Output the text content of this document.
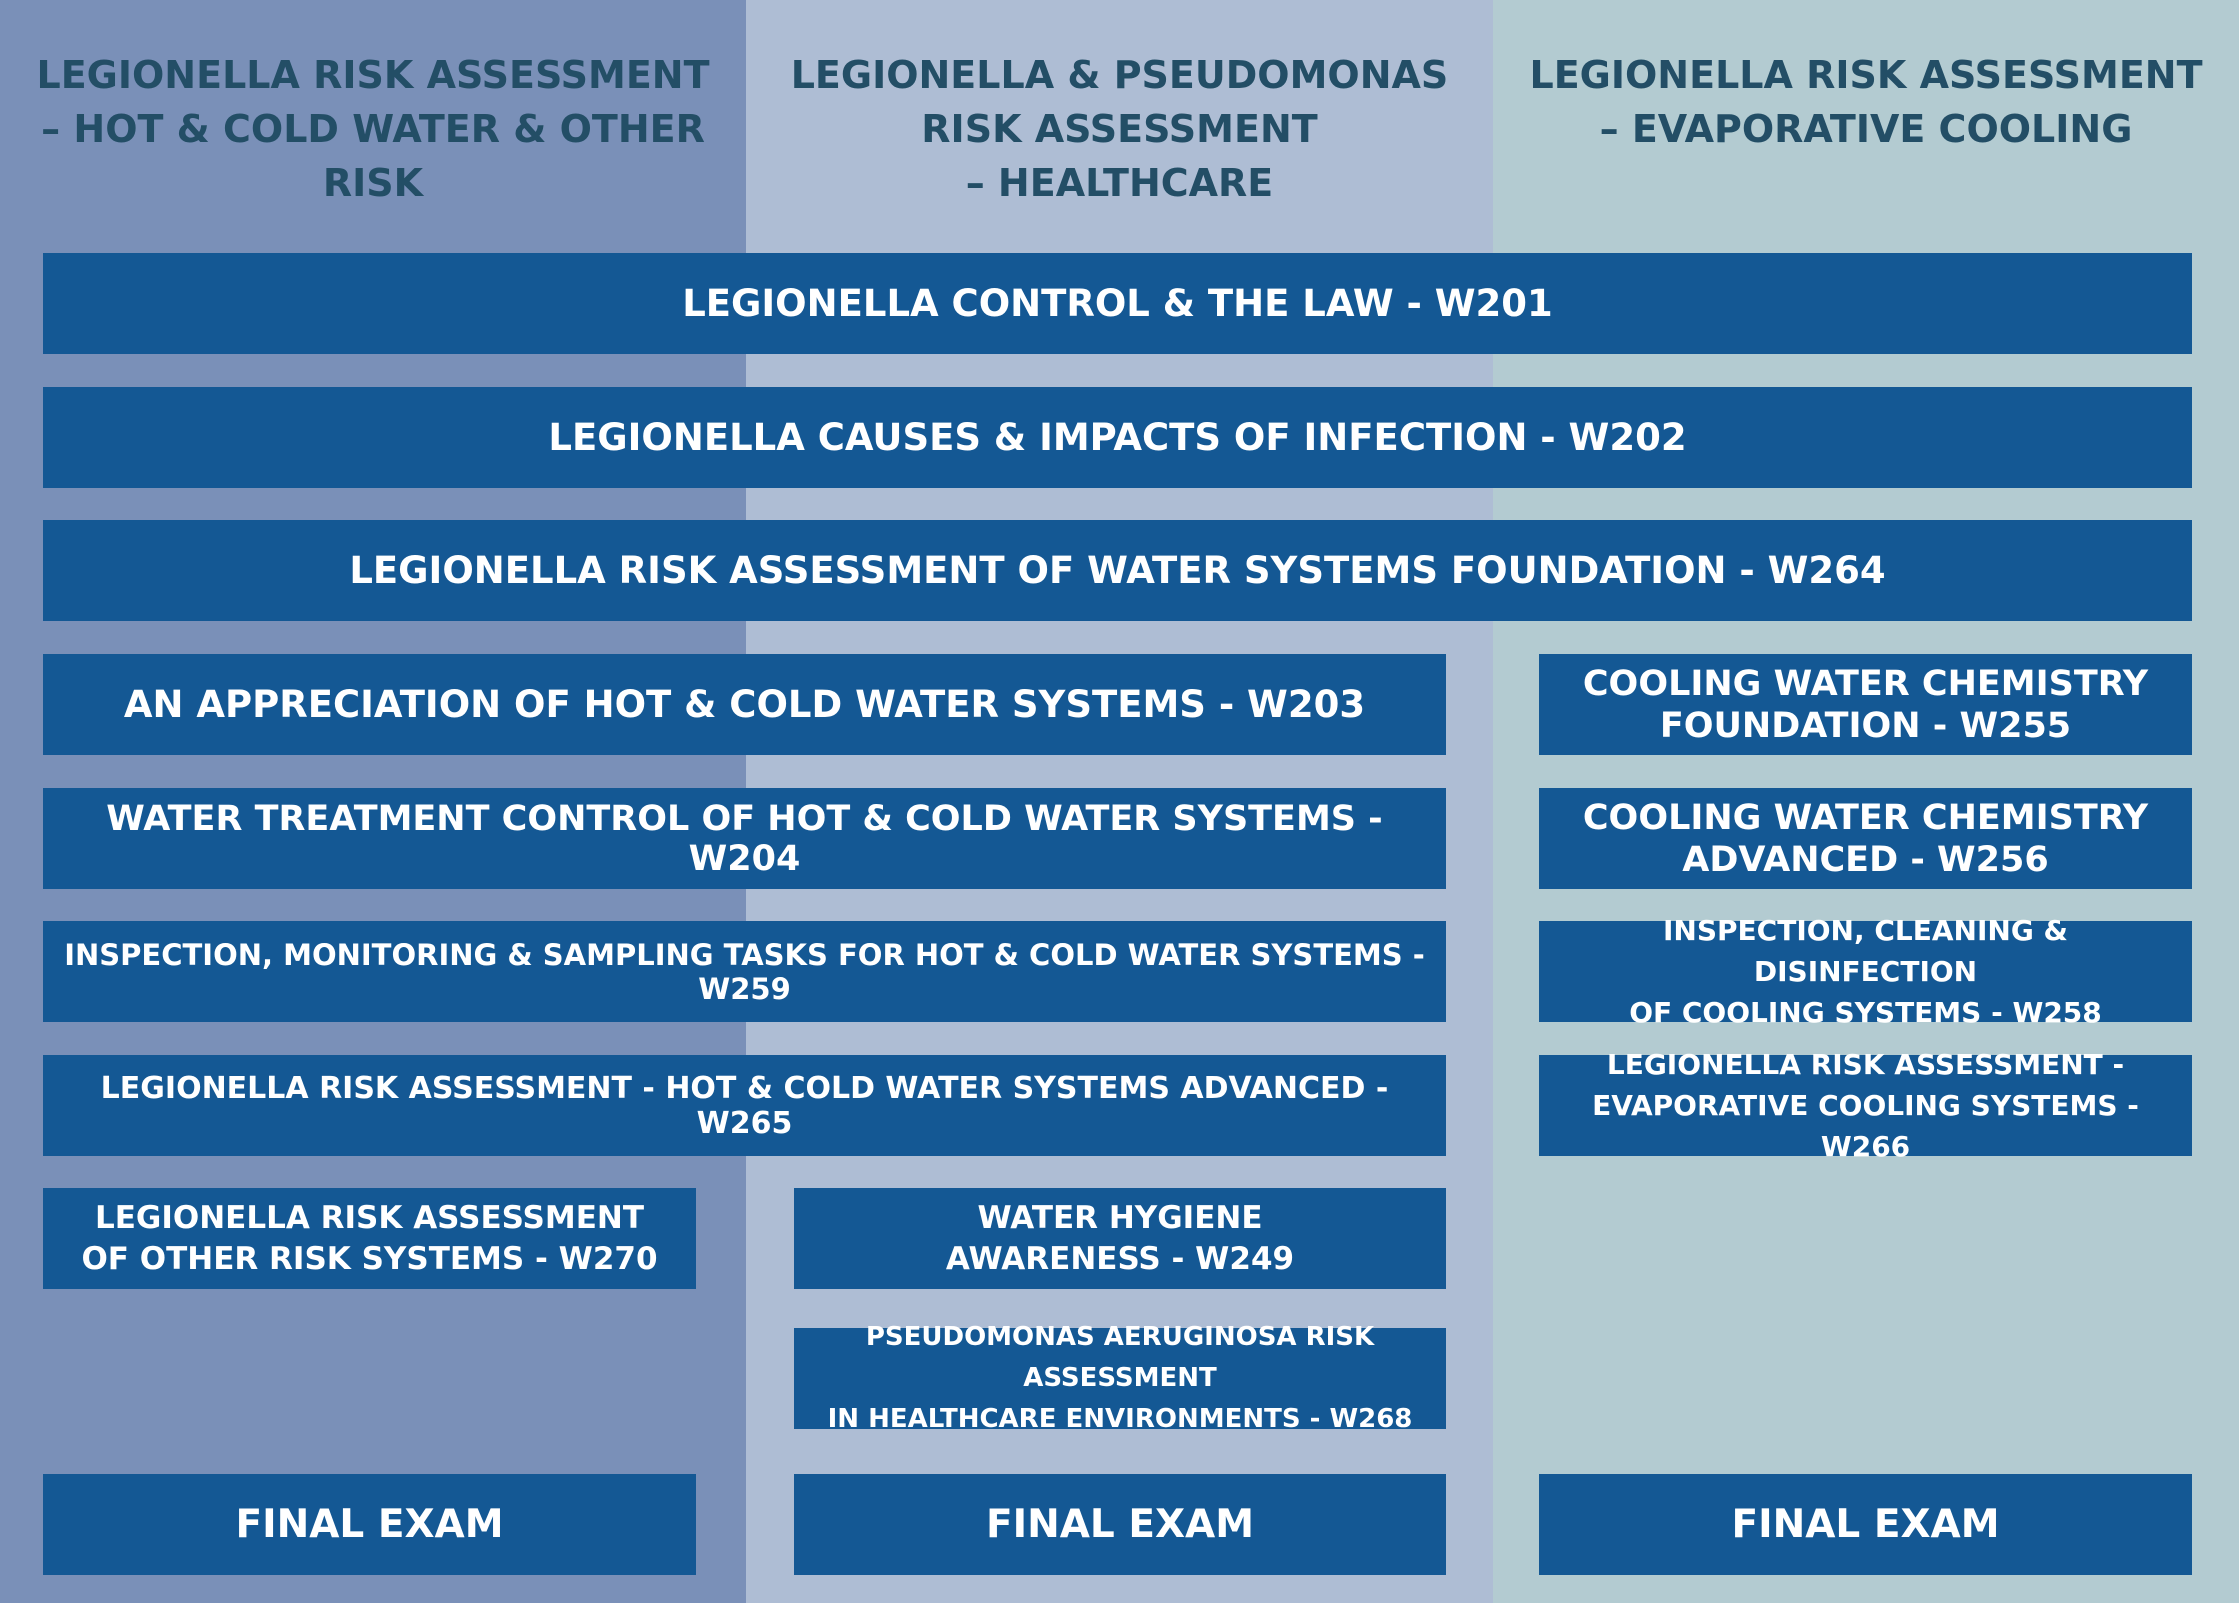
LEGIONELLA RISK ASSESSMENT
– HOT & COLD WATER & OTHER
RISK
LEGIONELLA & PSEUDOMONAS
RISK ASSESSMENT
– HEALTHCARE
LEGIONELLA RISK ASSESSMENT
– EVAPORATIVE COOLING
LEGIONELLA CONTROL & THE LAW - W201
LEGIONELLA CAUSES & IMPACTS OF INFECTION - W202
LEGIONELLA RISK ASSESSMENT OF WATER SYSTEMS FOUNDATION - W264
AN APPRECIATION OF HOT & COLD WATER SYSTEMS - W203
WATER TREATMENT CONTROL OF HOT & COLD WATER SYSTEMS - W204
INSPECTION, MONITORING & SAMPLING TASKS FOR HOT & COLD WATER SYSTEMS - W259
LEGIONELLA RISK ASSESSMENT - HOT & COLD WATER SYSTEMS ADVANCED - W265
COOLING WATER CHEMISTRY
FOUNDATION - W255
COOLING WATER CHEMISTRY
ADVANCED - W256
INSPECTION, CLEANING & DISINFECTION
OF COOLING SYSTEMS - W258
LEGIONELLA RISK ASSESSMENT -
EVAPORATIVE COOLING SYSTEMS - W266
LEGIONELLA RISK ASSESSMENT
OF OTHER RISK SYSTEMS - W270
WATER HYGIENE
AWARENESS - W249
PSEUDOMONAS AERUGINOSA RISK ASSESSMENT
IN HEALTHCARE ENVIRONMENTS - W268
FINAL EXAM	FINAL EXAM	FINAL EXAM
